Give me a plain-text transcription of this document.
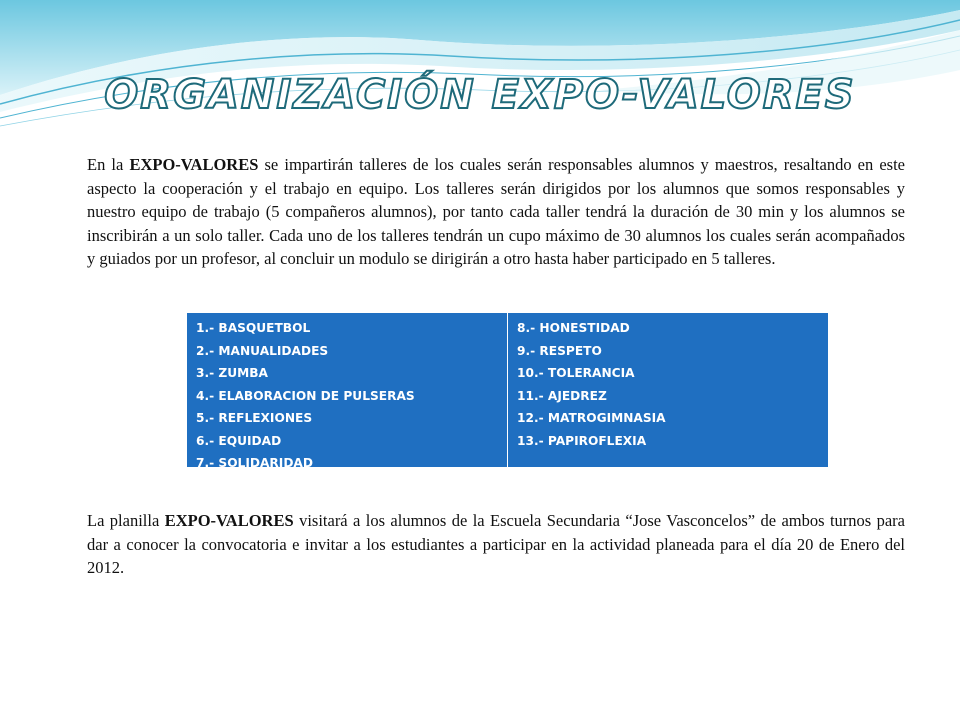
ORGANIZACIÓN EXPO-VALORES

En la EXPO-VALORES se impartirán talleres de los cuales serán responsables alumnos y maestros, resaltando en este aspecto la cooperación y el trabajo en equipo. Los talleres serán dirigidos por los alumnos que somos responsables y nuestro equipo de trabajo (5 compañeros alumnos), por tanto cada taller tendrá la duración de 30 min y los alumnos se inscribirán a un solo taller. Cada uno de los talleres tendrán un cupo máximo de 30 alumnos los cuales serán acompañados y guiados por un profesor, al concluir un modulo se dirigirán a otro hasta haber participado en 5 talleres.

1.- BASQUETBOL
2.- MANUALIDADES
3.- ZUMBA
4.- ELABORACION DE PULSERAS
5.- REFLEXIONES
6.- EQUIDAD
7.- SOLIDARIDAD
8.- HONESTIDAD
9.- RESPETO
10.- TOLERANCIA
11.- AJEDREZ
12.- MATROGIMNASIA
13.- PAPIROFLEXIA

La planilla EXPO-VALORES visitará a los alumnos de la Escuela Secundaria “Jose Vasconcelos” de ambos turnos para dar a conocer la convocatoria e invitar a los estudiantes a participar en la actividad planeada para el día 20 de Enero del 2012.
